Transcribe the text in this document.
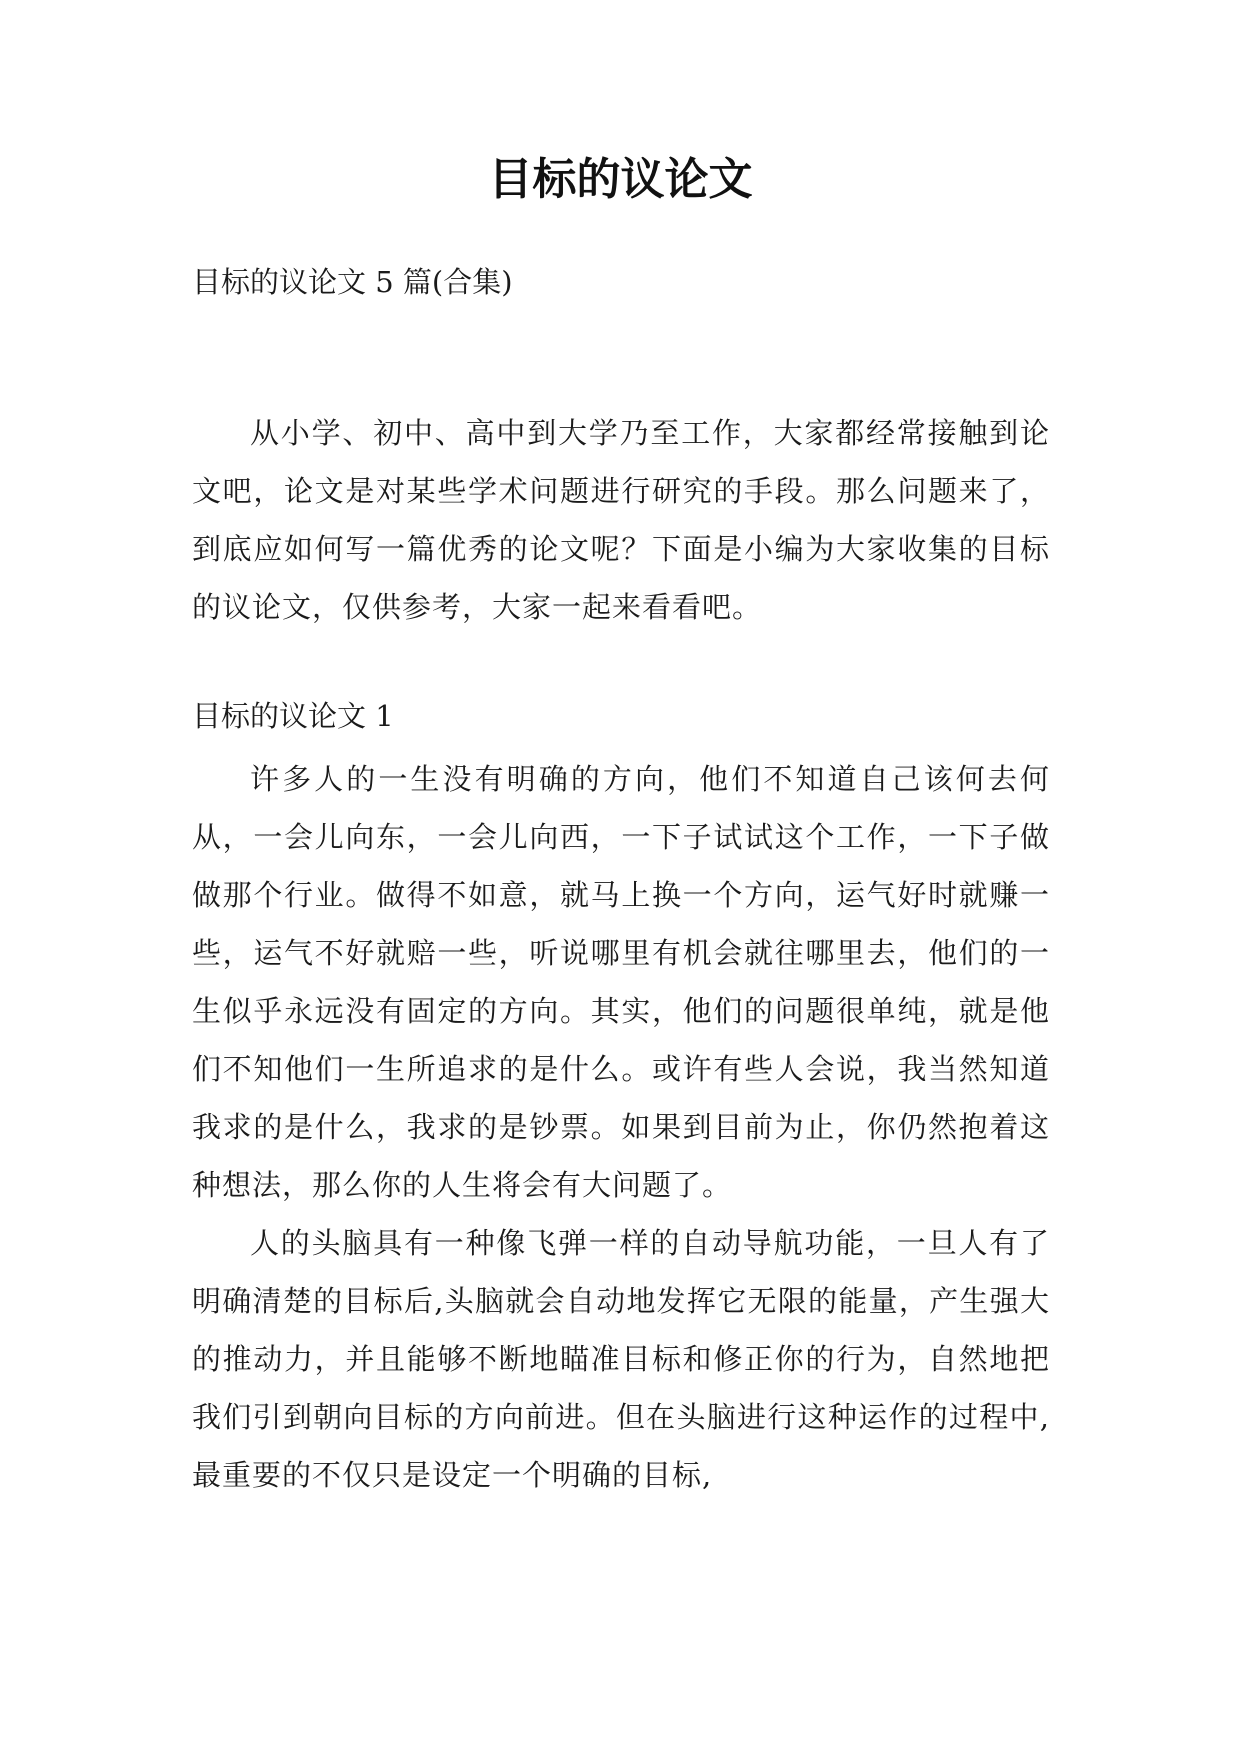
目标的议论文

目标的议论文 5 篇(合集)

从小学、初中、高中到大学乃至工作，大家都经常接触到论文吧，论文是对某些学术问题进行研究的手段。那么问题来了，到底应如何写一篇优秀的论文呢？下面是小编为大家收集的目标的议论文，仅供参考，大家一起来看看吧。

目标的议论文 1

许多人的一生没有明确的方向，他们不知道自己该何去何从，一会儿向东，一会儿向西，一下子试试这个工作，一下子做做那个行业。做得不如意，就马上换一个方向，运气好时就赚一些，运气不好就赔一些，听说哪里有机会就往哪里去，他们的一生似乎永远没有固定的方向。其实，他们的问题很单纯，就是他们不知他们一生所追求的是什么。或许有些人会说，我当然知道我求的是什么，我求的是钞票。如果到目前为止，你仍然抱着这种想法，那么你的人生将会有大问题了。

人的头脑具有一种像飞弹一样的自动导航功能，一旦人有了明确清楚的目标后,头脑就会自动地发挥它无限的能量，产生强大的推动力，并且能够不断地瞄准目标和修正你的行为，自然地把我们引到朝向目标的方向前进。但在头脑进行这种运作的过程中,最重要的不仅只是设定一个明确的目标,
